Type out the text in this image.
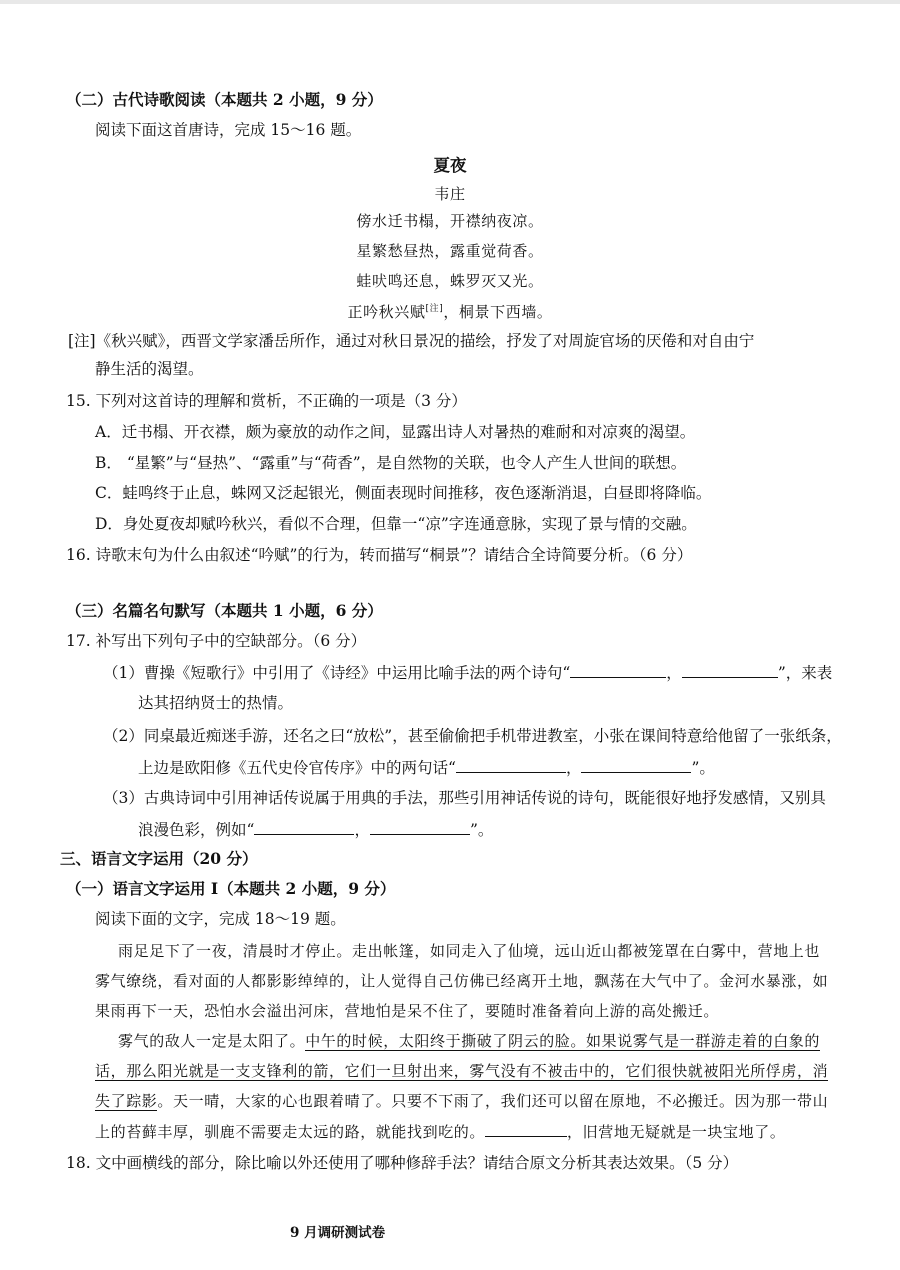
（二）古代诗歌阅读（本题共 2 小题，9 分）
阅读下面这首唐诗，完成 15～16 题。
夏夜
韦庄
傍水迁书榻，开襟纳夜凉。
星繁愁昼热，露重觉荷香。
蛙吠鸣还息，蛛罗灭又光。
正吟秋兴赋[注]，桐景下西墙。
[注]《秋兴赋》，西晋文学家潘岳所作，通过对秋日景况的描绘，抒发了对周旋官场的厌倦和对自由宁
静生活的渴望。
15. 下列对这首诗的理解和赏析，不正确的一项是（3 分）
A．迁书榻、开衣襟，颇为豪放的动作之间，显露出诗人对暑热的难耐和对凉爽的渴望。
B． “星繁”与“昼热”、“露重”与“荷香”，是自然物的关联，也令人产生人世间的联想。
C．蛙鸣终于止息，蛛网又泛起银光，侧面表现时间推移，夜色逐渐消退，白昼即将降临。
D．身处夏夜却赋吟秋兴，看似不合理，但靠一“凉”字连通意脉，实现了景与情的交融。
16. 诗歌末句为什么由叙述“吟赋”的行为，转而描写“桐景”？请结合全诗简要分析。（6 分）
（三）名篇名句默写（本题共 1 小题，6 分）
17. 补写出下列句子中的空缺部分。（6 分）
（1）曹操《短歌行》中引用了《诗经》中运用比喻手法的两个诗句“	，	”，来表
达其招纳贤士的热情。
（2）同桌最近痴迷手游，还名之曰“放松”，甚至偷偷把手机带进教室，小张在课间特意给他留了一张纸条，
上边是欧阳修《五代史伶官传序》中的两句话“	，	”。
（3）古典诗词中引用神话传说属于用典的手法，那些引用神话传说的诗句，既能很好地抒发感情，又别具
浪漫色彩，例如“	，	”。
三、语言文字运用（20 分）
（一）语言文字运用 Ⅰ（本题共 2 小题，9 分）
阅读下面的文字，完成 18～19 题。
雨足足下了一夜，清晨时才停止。走出帐篷，如同走入了仙境，远山近山都被笼罩在白雾中，营地上也
雾气缭绕，看对面的人都影影绰绰的，让人觉得自己仿佛已经离开土地，飘荡在大气中了。金河水暴涨，如
果雨再下一天，恐怕水会溢出河床，营地怕是呆不住了，要随时准备着向上游的高处搬迁。
雾气的敌人一定是太阳了。中午的时候，太阳终于撕破了阴云的脸。如果说雾气是一群游走着的白象的
话，那么阳光就是一支支锋利的箭，它们一旦射出来，雾气没有不被击中的，它们很快就被阳光所俘虏，消
失了踪影。天一晴，大家的心也跟着晴了。只要不下雨了，我们还可以留在原地，不必搬迁。因为那一带山
上的苔藓丰厚，驯鹿不需要走太远的路，就能找到吃的。	，旧营地无疑就是一块宝地了。
18. 文中画横线的部分，除比喻以外还使用了哪种修辞手法？请结合原文分析其表达效果。（5 分）
9 月调研测试卷
